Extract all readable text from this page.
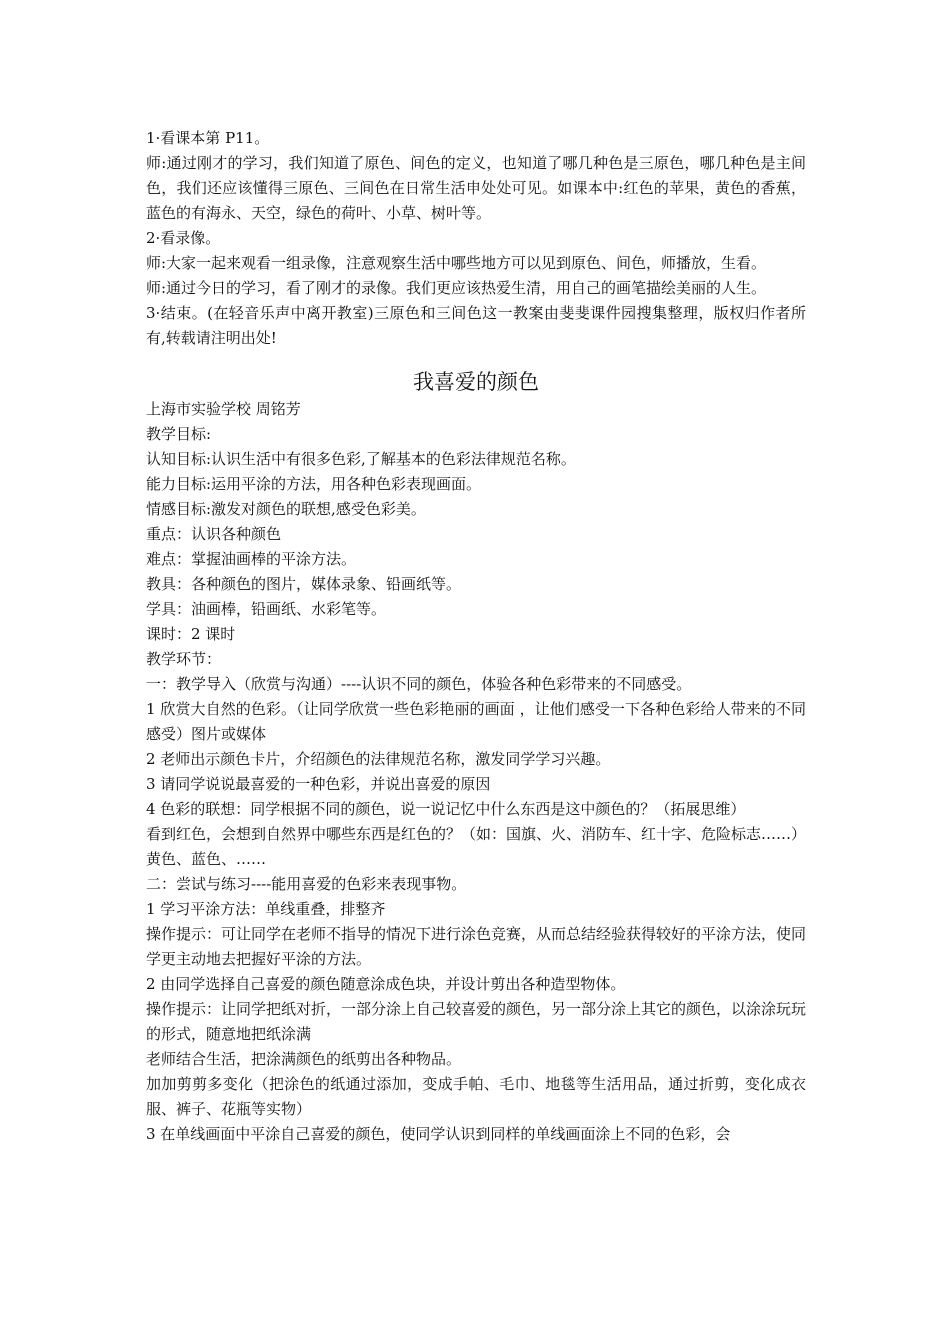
1·看课本第 P11。

师:通过刚才的学习，我们知道了原色、间色的定义，也知道了哪几种色是三原色，哪几种色是主间色，我们还应该懂得三原色、三间色在日常生活申处处可见。如课本中:红色的苹果，黄色的香蕉，蓝色的有海永、天空，绿色的荷叶、小草、树叶等。

2·看录像。

师:大家一起来观看一组录像，注意观察生活中哪些地方可以见到原色、间色，师播放，生看。

师:通过今日的学习，看了刚才的录像。我们更应该热爱生清，用自己的画笔描绘美丽的人生。

3·结束。(在轻音乐声中离开教室)三原色和三间色这一教案由斐斐课件园搜集整理，版权归作者所有,转载请注明出处!

我喜爱的颜色

上海市实验学校 周铭芳

教学目标:

认知目标:认识生活中有很多色彩,了解基本的色彩法律规范名称。

能力目标:运用平涂的方法，用各种色彩表现画面。

情感目标:激发对颜色的联想,感受色彩美。

重点：认识各种颜色

难点：掌握油画棒的平涂方法。

教具：各种颜色的图片，媒体录象、铅画纸等。

学具：油画棒，铅画纸、水彩笔等。

课时：2 课时

教学环节：

一：教学导入（欣赏与沟通）----认识不同的颜色，体验各种色彩带来的不同感受。

1 欣赏大自然的色彩。（让同学欣赏一些色彩艳丽的画面 ，让他们感受一下各种色彩给人带来的不同感受）图片或媒体

2 老师出示颜色卡片，介绍颜色的法律规范名称，激发同学学习兴趣。

3 请同学说说最喜爱的一种色彩，并说出喜爱的原因

4 色彩的联想：同学根据不同的颜色，说一说记忆中什么东西是这中颜色的？（拓展思维）

看到红色，会想到自然界中哪些东西是红色的？（如：国旗、火、消防车、红十字、危险标志……） 黄色、蓝色、……

二：尝试与练习----能用喜爱的色彩来表现事物。

1 学习平涂方法：单线重叠，排整齐

操作提示：可让同学在老师不指导的情况下进行涂色竞赛，从而总结经验获得较好的平涂方法，使同学更主动地去把握好平涂的方法。

2 由同学选择自己喜爱的颜色随意涂成色块，并设计剪出各种造型物体。

操作提示：让同学把纸对折，一部分涂上自己较喜爱的颜色，另一部分涂上其它的颜色，以涂涂玩玩的形式，随意地把纸涂满

老师结合生活，把涂满颜色的纸剪出各种物品。

加加剪剪多变化（把涂色的纸通过添加，变成手帕、毛巾、地毯等生活用品，通过折剪，变化成衣服、裤子、花瓶等实物）

3 在单线画面中平涂自己喜爱的颜色，使同学认识到同样的单线画面涂上不同的色彩，会
